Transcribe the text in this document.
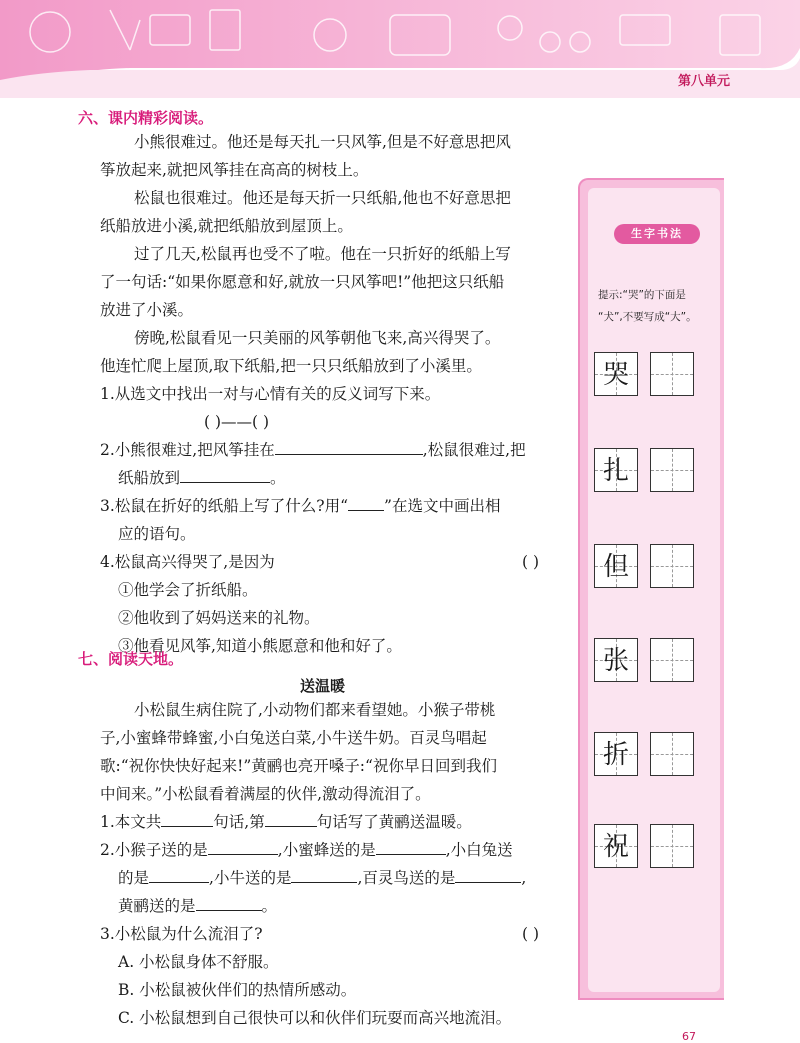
第八单元
六、课内精彩阅读。
小熊很难过。他还是每天扎一只风筝,但是不好意思把风
筝放起来,就把风筝挂在高高的树枝上。
松鼠也很难过。他还是每天折一只纸船,他也不好意思把
纸船放进小溪,就把纸船放到屋顶上。
过了几天,松鼠再也受不了啦。他在一只折好的纸船上写
了一句话:“如果你愿意和好,就放一只风筝吧!”他把这只纸船
放进了小溪。
傍晚,松鼠看见一只美丽的风筝朝他飞来,高兴得哭了。
他连忙爬上屋顶,取下纸船,把一只只纸船放到了小溪里。
1.从选文中找出一对与心情有关的反义词写下来。
( )——( )
2.小熊很难过,把风筝挂在	,松鼠很难过,把
纸船放到	。
3.松鼠在折好的纸船上写了什么?用“ ”在选文中画出相
应的语句。
4.松鼠高兴得哭了,是因为	( )
①他学会了折纸船。
②他收到了妈妈送来的礼物。
③他看见风筝,知道小熊愿意和他和好了。
七、阅读天地。
送温暖
小松鼠生病住院了,小动物们都来看望她。小猴子带桃
子,小蜜蜂带蜂蜜,小白兔送白菜,小牛送牛奶。百灵鸟唱起
歌:“祝你快快好起来!”黄鹂也亮开嗓子:“祝你早日回到我们
中间来。”小松鼠看着满屋的伙伴,激动得流泪了。
1.本文共	句话,第	句话写了黄鹂送温暖。
2.小猴子送的是	,小蜜蜂送的是	,小白兔送
的是	,小牛送的是	,百灵鸟送的是	,
黄鹂送的是	。
3.小松鼠为什么流泪了?	( )
A. 小松鼠身体不舒服。
B. 小松鼠被伙伴们的热情所感动。
C. 小松鼠想到自己很快可以和伙伴们玩耍而高兴地流泪。
生字书法
提示:“哭”的下面是
“犬”,不要写成“大”。
哭
扎
但
张
折
祝
67
